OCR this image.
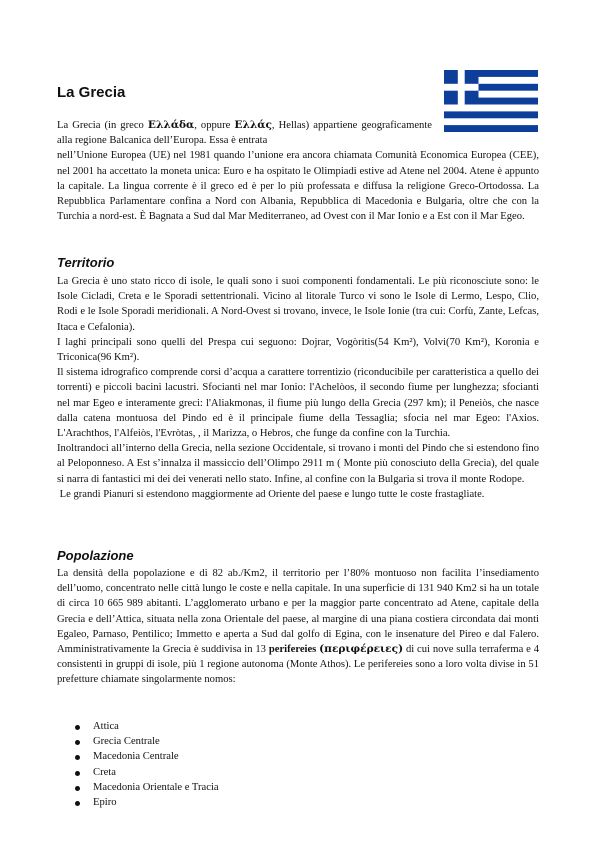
La Grecia

La Grecia (in greco Ελλάδα, oppure Ελλάς, Hellas) appartiene geograficamente alla regione Balcanica dell’Europa. Essa è entrata

nell’Unione Europea (UE) nel 1981 quando l’unione era ancora chiamata Comunità Economica Europea (CEE), nel 2001 ha accettato la moneta unica: Euro e ha ospitato le Olimpiadi estive ad Atene nel 2004. Atene è appunto la capitale. La lingua corrente è il greco ed è per lo più professata e diffusa la religione Greco-Ortodossa. La Repubblica Parlamentare confina a Nord con Albania, Repubblica di Macedonia e Bulgaria, oltre che con la Turchia a nord-est. È Bagnata a Sud dal Mar Mediterraneo, ad Ovest con il Mar Ionio e a Est con il Mar Egeo.

Territorio

La Grecia è uno stato ricco di isole, le quali sono i suoi componenti fondamentali. Le più riconosciute sono: le Isole Cicladi, Creta e le Sporadi settentrionali. Vicino al litorale Turco vi sono le Isole di Lermo, Lespo, Clio, Rodi e le Isole Sporadi meridionali. A Nord-Ovest si trovano, invece, le Isole Ionie (tra cui: Corfù, Zante, Lefcas, Itaca e Cefalonia).

I laghi principali sono quelli del Prespa cui seguono: Dojrar, Vogòritis(54 Km²), Volvi(70 Km²), Koronia e Triconica(96 Km²).

Il sistema idrografico comprende corsi d’acqua a carattere torrentizio (riconducibile per caratteristica a quello dei torrenti) e piccoli bacini lacustri. Sfocianti nel mar Ionio: l'Achelòos, il secondo fiume per lunghezza; sfocianti nel mar Egeo e interamente greci: l'Aliakmonas, il fiume più lungo della Grecia (297 km); il Peneiòs, che nasce dalla catena montuosa del Pindo ed è il principale fiume della Tessaglia; sfocia nel mar Egeo: l'Axios. L'Arachthos, l'Alfeiòs, l'Evròtas, , il Marizza, o Hebros, che funge da confine con la Turchia.

Inoltrandoci all’interno della Grecia, nella sezione Occidentale, si trovano i monti del Pindo che si estendono fino al Peloponneso. A Est s’innalza il massiccio dell’Olimpo 2911 m ( Monte più conosciuto della Grecia), del quale si narra di fantastici mi dei dei venerati nello stato. Infine, al confine con la Bulgaria si trova il monte Rodope.

Le grandi Pianuri si estendono maggiormente ad Oriente del paese e lungo tutte le coste frastagliate.

Popolazione

La densità della popolazione e di 82 ab./Km2, il territorio per l’80% montuoso non facilita l’insediamento dell’uomo, concentrato nelle città lungo le coste e nella capitale. In una superficie di 131 940 Km2 si ha un totale di circa 10 665 989 abitanti. L’agglomerato urbano e per la maggior parte concentrato ad Atene, capitale della Grecia e dell’Attica, situata nella zona Orientale del paese, al margine di una piana costiera circondata dai monti Egaleo, Parnaso, Pentilico; Immetto e aperta a Sud dal golfo di Egina, con le insenature del Pireo e dal Falero. Amministrativamente la Grecia è suddivisa in 13 perifereies (περιφέρειες) di cui nove sulla terraferma e 4 consistenti in gruppi di isole, più 1 regione autonoma (Monte Athos). Le perifereies sono a loro volta divise in 51 prefetture chiamate singolarmente nomos:

Attica
Grecia Centrale
Macedonia Centrale
Creta
Macedonia Orientale e Tracia
Epiro
